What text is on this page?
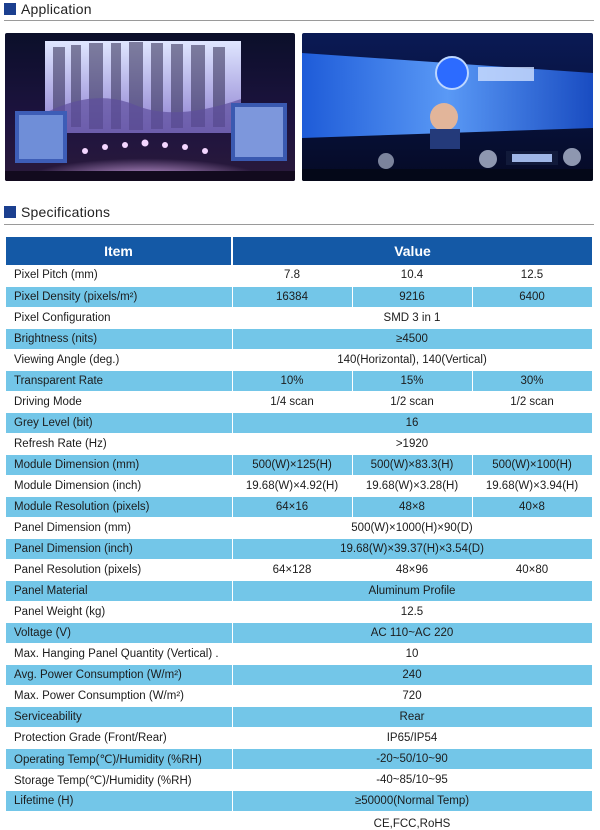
Application
Specifications
Item	Value		
Pixel Pitch (mm)	7.8	10.4	12.5
Pixel Density (pixels/m²)	16384	9216	6400
Pixel Configuration	SMD 3 in 1		
Brightness (nits)	≥4500		
Viewing Angle (deg.)	140(Horizontal), 140(Vertical)		
Transparent Rate	10%	15%	30%
Driving Mode	1/4 scan	1/2 scan	1/2 scan
Grey Level (bit)	16		
Refresh Rate (Hz)	>1920		
Module Dimension (mm)	500(W)×125(H)	500(W)×83.3(H)	500(W)×100(H)
Module Dimension (inch)	19.68(W)×4.92(H)	19.68(W)×3.28(H)	19.68(W)×3.94(H)
Module Resolution (pixels)	64×16	48×8	40×8
Panel Dimension (mm)	500(W)×1000(H)×90(D)		
Panel Dimension (inch)	19.68(W)×39.37(H)×3.54(D)		
Panel Resolution (pixels)	64×128	48×96	40×80
Panel Material	Aluminum Profile		
Panel Weight (kg)	12.5		
Voltage (V)	AC 110~AC 220		
Max. Hanging Panel Quantity (Vertical) .	10		
Avg. Power Consumption (W/m²)	240		
Max. Power Consumption (W/m²)	720		
Serviceability	Rear		
Protection Grade (Front/Rear)	IP65/IP54		
Operating Temp(℃)/Humidity (%RH)	-20~50/10~90		
Storage Temp(℃)/Humidity (%RH)	-40~85/10~95		
Lifetime (H)	≥50000(Normal Temp)		
	CE,FCC,RoHS		
